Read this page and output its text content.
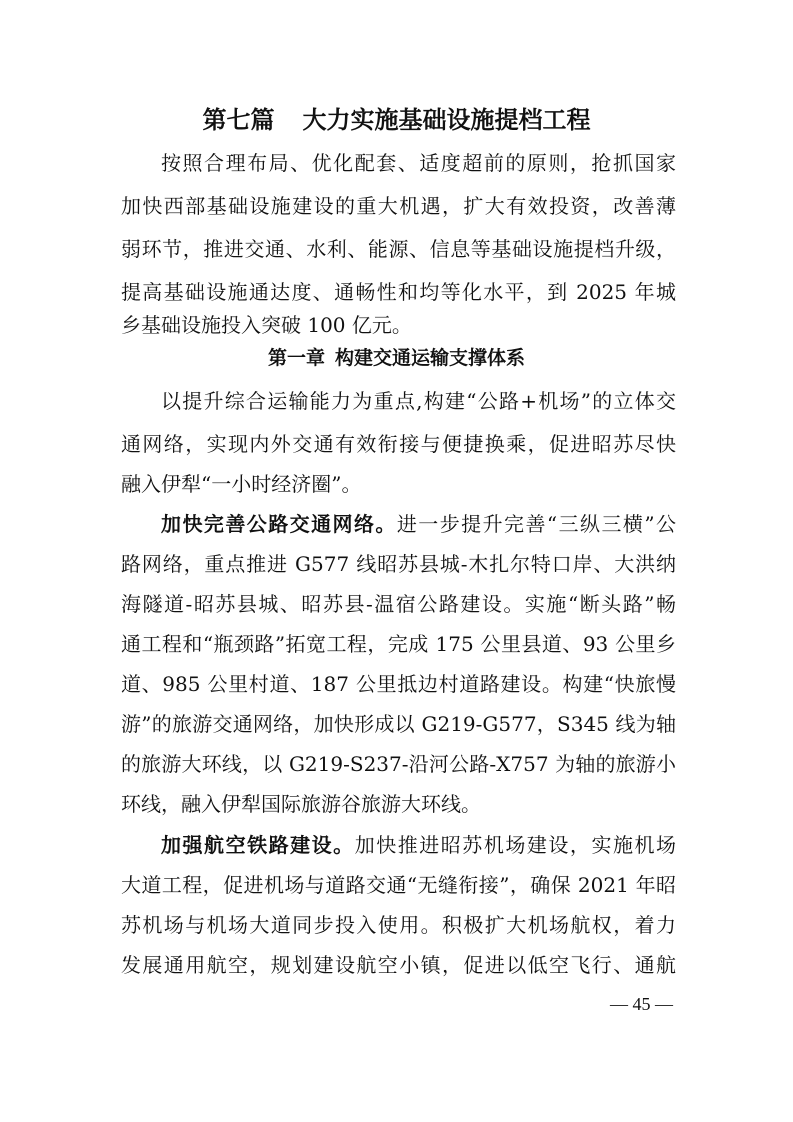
第七篇 大力实施基础设施提档工程
按照合理布局、优化配套、适度超前的原则，抢抓国家
加快西部基础设施建设的重大机遇，扩大有效投资，改善薄
弱环节，推进交通、水利、能源、信息等基础设施提档升级，
提高基础设施通达度、通畅性和均等化水平，到 2025 年城
乡基础设施投入突破 100 亿元。
第一章 构建交通运输支撑体系
以提升综合运输能力为重点,构建“公路+机场”的立体交
通网络，实现内外交通有效衔接与便捷换乘，促进昭苏尽快
融入伊犁“一小时经济圈”。
加快完善公路交通网络。进一步提升完善“三纵三横”公
路网络，重点推进 G577 线昭苏县城-木扎尔特口岸、大洪纳
海隧道-昭苏县城、昭苏县-温宿公路建设。实施“断头路”畅
通工程和“瓶颈路”拓宽工程，完成 175 公里县道、93 公里乡
道、985 公里村道、187 公里抵边村道路建设。构建“快旅慢
游”的旅游交通网络，加快形成以 G219-G577，S345 线为轴
的旅游大环线，以 G219-S237-沿河公路-X757 为轴的旅游小
环线，融入伊犁国际旅游谷旅游大环线。
加强航空铁路建设。加快推进昭苏机场建设，实施机场
大道工程，促进机场与道路交通“无缝衔接”，确保 2021 年昭
苏机场与机场大道同步投入使用。积极扩大机场航权，着力
发展通用航空，规划建设航空小镇，促进以低空飞行、通航
— 45 —
